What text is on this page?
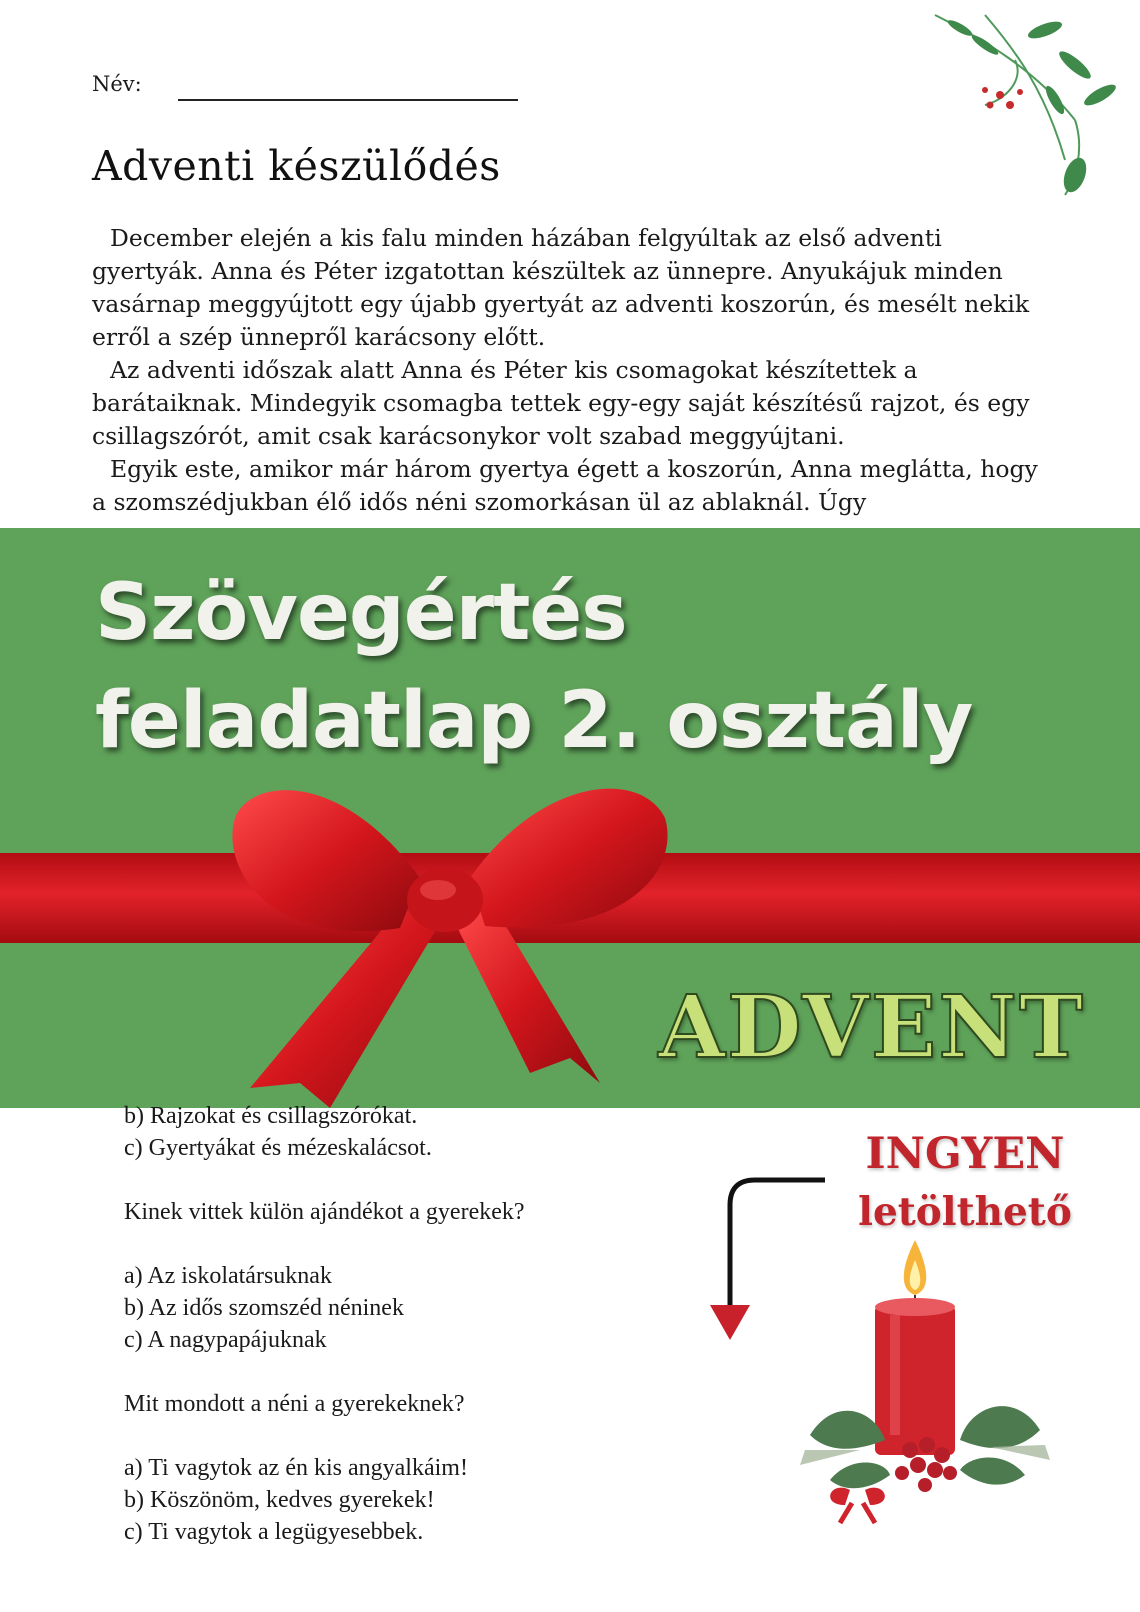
Név:
Adventi készülődés

December elején a kis falu minden házában felgyúltak az első adventi gyertyák. Anna és Péter izgatottan készültek az ünnepre. Anyukájuk minden vasárnap meggyújtott egy újabb gyertyát az adventi koszorún, és mesélt nekik erről a szép ünnepről karácsony előtt.

Az adventi időszak alatt Anna és Péter kis csomagokat készítettek a barátaiknak. Mindegyik csomagba tettek egy-egy saját készítésű rajzot, és egy csillagszórót, amit csak karácsonykor volt szabad meggyújtani.

Egyik este, amikor már három gyertya égett a koszorún, Anna meglátta, hogy a szomszédjukban élő idős néni szomorkásan ül az ablaknál. Úgy

Szövegértés
feladatlap 2. osztály
ADVENT
b) Rajzokat és csillagszórókat.
c) Gyertyákat és mézeskalácsot.
Kinek vittek külön ajándékot a gyerekek?
a) Az iskolatársuknak
b) Az idős szomszéd néninek
c) A nagypapájuknak
Mit mondott a néni a gyerekeknek?
a) Ti vagytok az én kis angyalkáim!
b) Köszönöm, kedves gyerekek!
c) Ti vagytok a legügyesebbek.
INGYEN
letölthető
